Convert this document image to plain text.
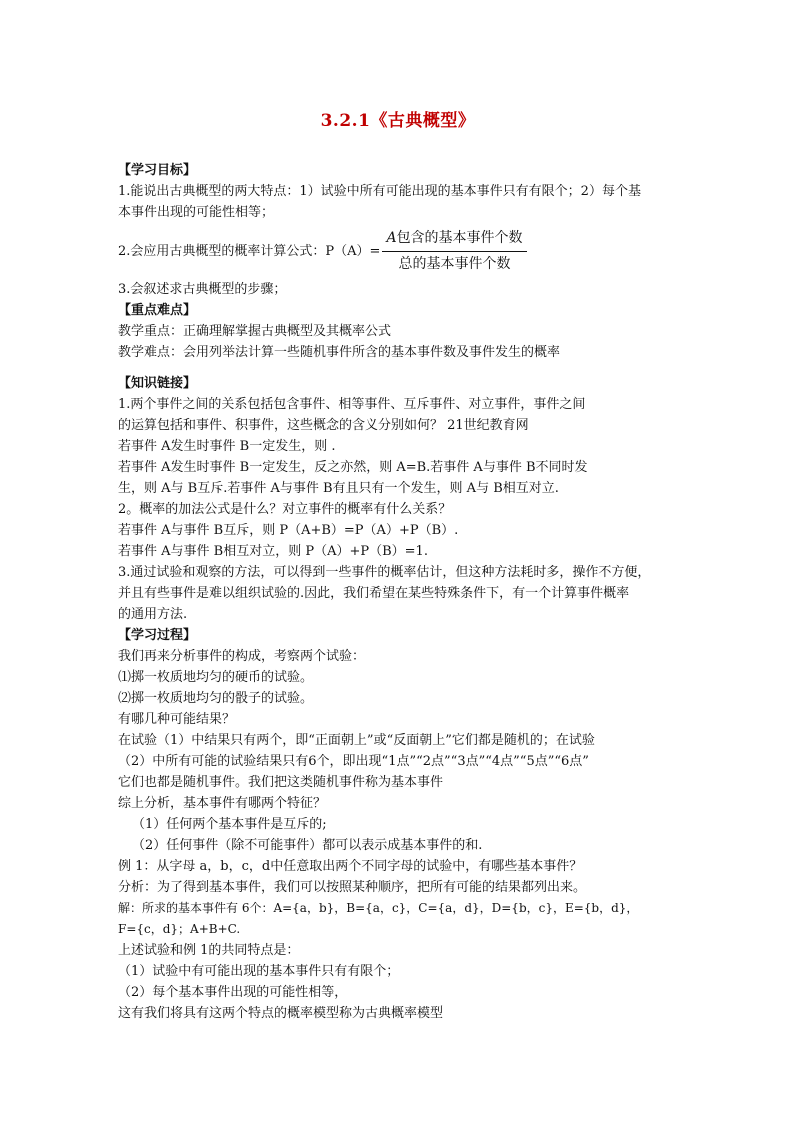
3.2.1《古典概型》
【学习目标】
1.能说出古典概型的两大特点：1）试验中所有可能出现的基本事件只有有限个；2）每个基
本事件出现的可能性相等；
2.会应用古典概型的概率计算公式：$P(A)= \frac{\text{A包含的基本事件个数}}{\text{总的基本事件个数}}$
3.会叙述求古典概型的步骤；
【重点难点】
教学重点：正确理解掌握古典概型及其概率公式
教学难点：会用列举法计算一些随机事件所含的基本事件数及事件发生的概率
【知识链接】
1.两个事件之间的关系包括包含事件、相等事件、互斥事件、对立事件，事件之间
的运算包括和事件、积事件，这些概念的含义分别如何？ 21世纪教育网
若事件 A发生时事件 B一定发生，则 .
若事件 A发生时事件 B一定发生，反之亦然，则 A=B.若事件 A与事件 B不同时发
生，则 A与 B互斥.若事件 A与事件 B有且只有一个发生，则 A与 B相互对立.
2。概率的加法公式是什么？对立事件的概率有什么关系？
若事件 A与事件 B互斥，则 P（A+B）=P（A）+P（B）.
若事件 A与事件 B相互对立，则 P（A）+P（B）=1.
3.通过试验和观察的方法，可以得到一些事件的概率估计，但这种方法耗时多，操作不方便，
并且有些事件是难以组织试验的.因此，我们希望在某些特殊条件下，有一个计算事件概率
的通用方法.
【学习过程】
我们再来分析事件的构成，考察两个试验：
⑴掷一枚质地均匀的硬币的试验。
⑵掷一枚质地均匀的骰子的试验。
有哪几种可能结果？
在试验（1）中结果只有两个，即“正面朝上”或“反面朝上”它们都是随机的；在试验
（2）中所有可能的试验结果只有6个，即出现“1点”“2点”“3点”“4点”“5点”“6点”
它们也都是随机事件。我们把这类随机事件称为基本事件
综上分析，基本事件有哪两个特征？
（1）任何两个基本事件是互斥的;
（2）任何事件（除不可能事件）都可以表示成基本事件的和.
例 1：从字母 a，b，c，d中任意取出两个不同字母的试验中，有哪些基本事件？
分析：为了得到基本事件，我们可以按照某种顺序，把所有可能的结果都列出来。
解：所求的基本事件有 6个：A={a，b}，B={a，c}，C={a，d}，D={b，c}，E={b，d}，
F={c，d}；A+B+C.
上述试验和例 1的共同特点是：
（1）试验中有可能出现的基本事件只有有限个；
（2）每个基本事件出现的可能性相等，
这有我们将具有这两个特点的概率模型称为古典概率模型
